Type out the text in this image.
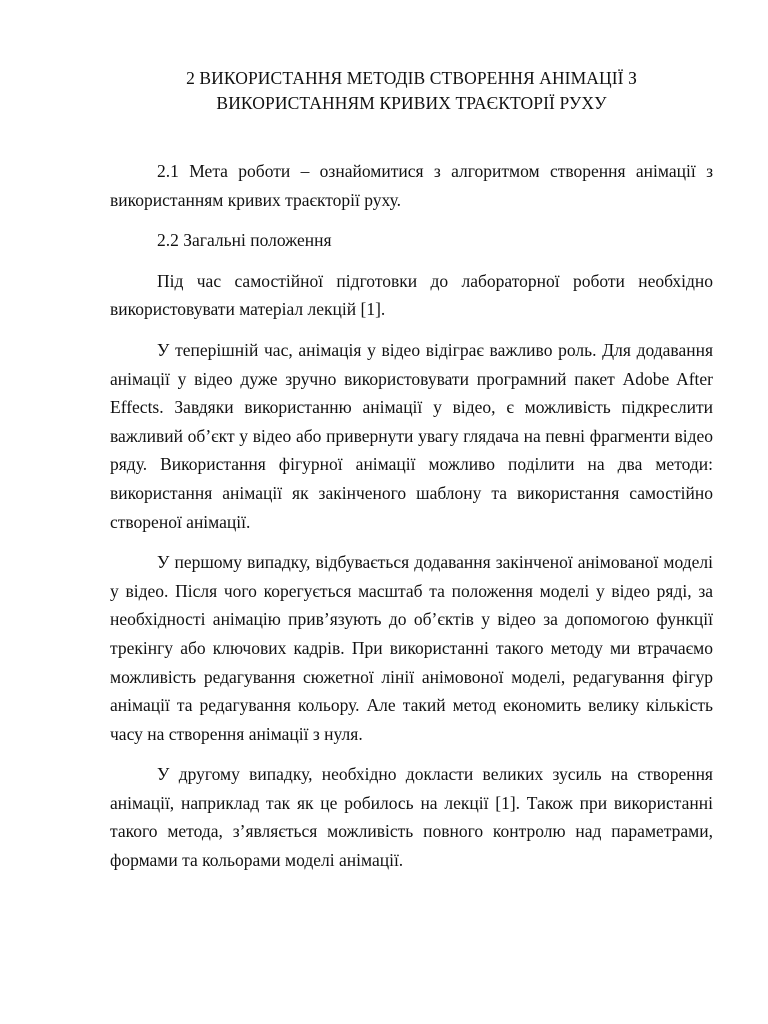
2 ВИКОРИСТАННЯ МЕТОДІВ СТВОРЕННЯ АНІМАЦІЇ З
ВИКОРИСТАННЯМ КРИВИХ ТРАЄКТОРІЇ РУХУ

2.1 Мета роботи – ознайомитися з алгоритмом створення анімації з використанням кривих траєкторії руху.

2.2 Загальні положення

Під час самостійної підготовки до лабораторної роботи необхідно використовувати матеріал лекцій [1].

У теперішній час, анімація у відео відіграє важливо роль. Для додавання анімації у відео дуже зручно використовувати програмний пакет Adobe After Effects. Завдяки використанню анімації у відео, є можливість підкреслити важливий об’єкт у відео або привернути увагу глядача на певні фрагменти відео ряду. Використання фігурної анімації можливо поділити на два методи: використання анімації як закінченого шаблону та використання самостійно створеної анімації.

У першому випадку, відбувається додавання закінченої анімованої моделі у відео. Після чого корегується масштаб та положення моделі у відео ряді, за необхідності анімацію прив’язують до об’єктів у відео за допомогою функції трекінгу або ключових кадрів. При використанні такого методу ми втрачаємо можливість редагування сюжетної лінії анімовоної моделі, редагування фігур анімації та редагування кольору. Але такий метод економить велику кількість часу на створення анімації з нуля.

У другому випадку, необхідно докласти великих зусиль на створення анімації, наприклад так як це робилось на лекції [1]. Також при використанні такого метода, з’являється можливість повного контролю над параметрами, формами та кольорами моделі анімації.
